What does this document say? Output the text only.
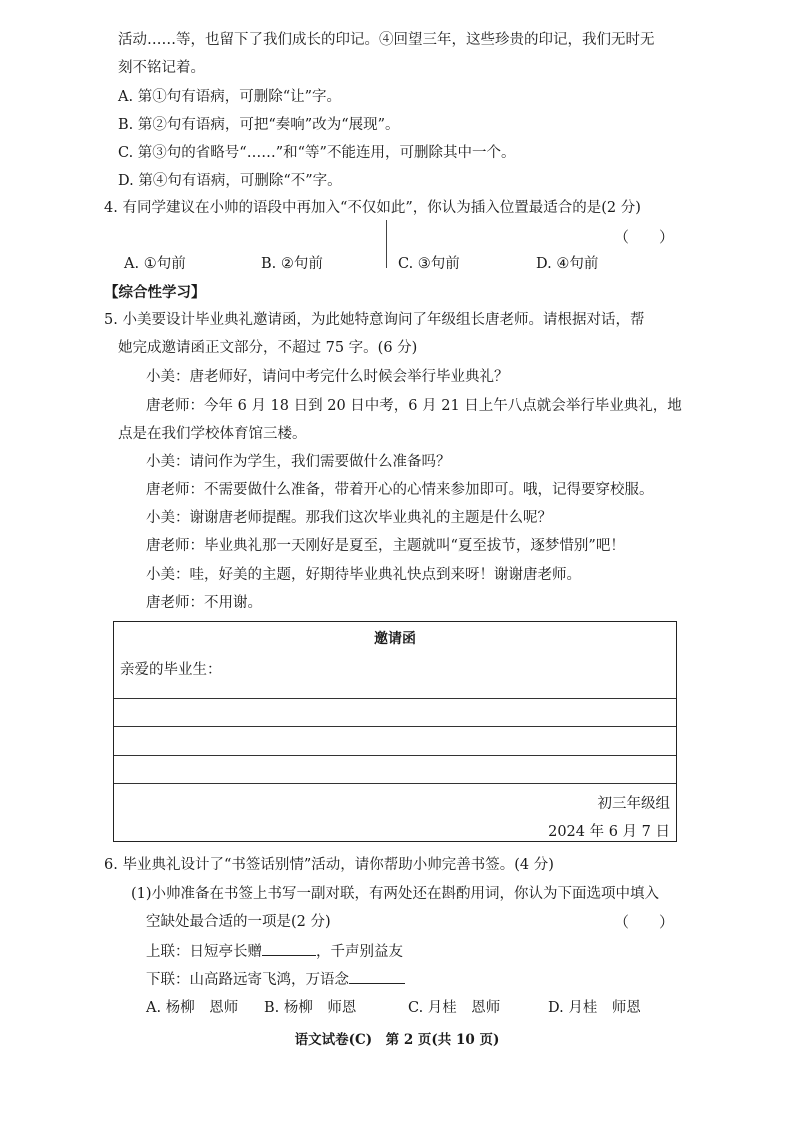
活动……等，也留下了我们成长的印记。④回望三年，这些珍贵的印记，我们无时无
刻不铭记着。
A. 第①句有语病，可删除“让”字。
B. 第②句有语病，可把“奏响”改为“展现”。
C. 第③句的省略号“……”和“等”不能连用，可删除其中一个。
D. 第④句有语病，可删除“不”字。
4. 有同学建议在小帅的语段中再加入“不仅如此”，你认为插入位置最适合的是(2 分)
（　　）
A. ①句前	B. ②句前	C. ③句前	D. ④句前
【综合性学习】
5. 小美要设计毕业典礼邀请函，为此她特意询问了年级组长唐老师。请根据对话，帮
她完成邀请函正文部分，不超过 75 字。(6 分)
小美：唐老师好，请问中考完什么时候会举行毕业典礼？
唐老师：今年 6 月 18 日到 20 日中考，6 月 21 日上午八点就会举行毕业典礼，地
点是在我们学校体育馆三楼。
小美：请问作为学生，我们需要做什么准备吗？
唐老师：不需要做什么准备，带着开心的心情来参加即可。哦，记得要穿校服。
小美：谢谢唐老师提醒。那我们这次毕业典礼的主题是什么呢？
唐老师：毕业典礼那一天刚好是夏至，主题就叫“夏至拔节，逐梦惜别”吧！
小美：哇，好美的主题，好期待毕业典礼快点到来呀！谢谢唐老师。
唐老师：不用谢。
邀请函
亲爱的毕业生：
初三年级组
2024 年 6 月 7 日
6. 毕业典礼设计了“书签话别情”活动，请你帮助小帅完善书签。(4 分)
(1)小帅准备在书签上书写一副对联，有两处还在斟酌用词，你认为下面选项中填入
空缺处最合适的一项是(2 分)	（　　）
上联：日短亭长赠	，千声别益友
下联：山高路远寄飞鸿，万语念
A. 杨柳　恩师 B. 杨柳　师恩	C. 月桂　恩师	D. 月桂　师恩
语文试卷(C)　第 2 页(共 10 页)
